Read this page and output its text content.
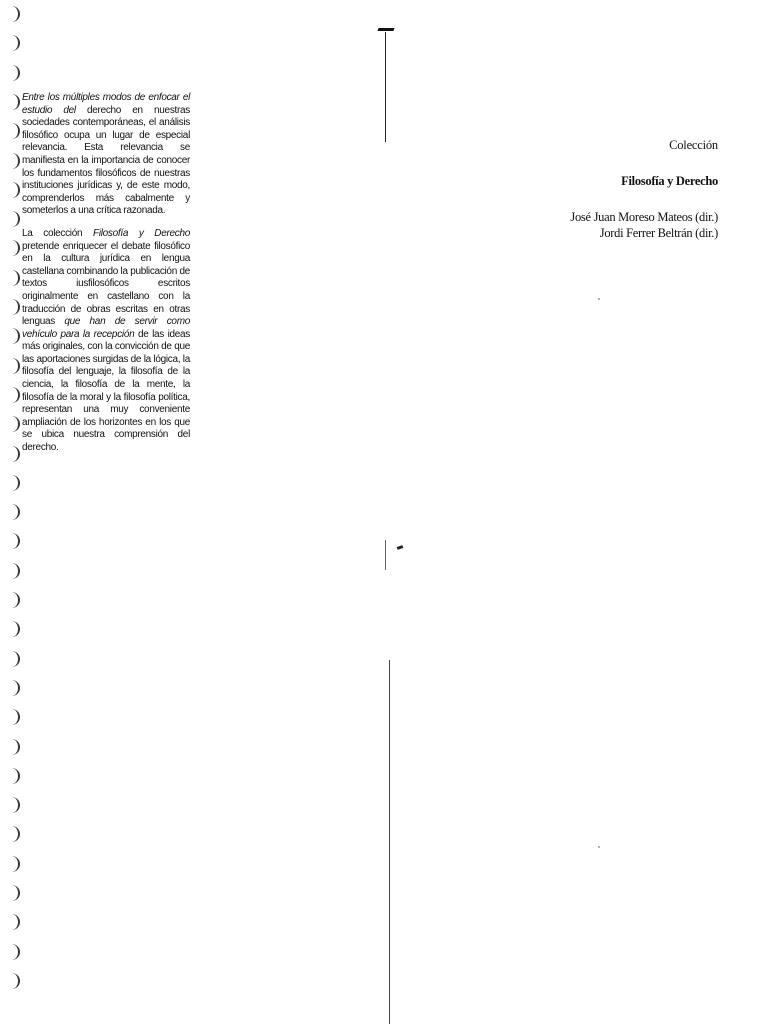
Entre los múltiples modos de enfocar el estudio del derecho en nuestras sociedades contemporáneas, el análisis filosófico ocupa un lugar de especial relevancia. Esta relevancia se manifiesta en la importancia de conocer los fundamentos filosóficos de nuestras instituciones jurídicas y, de este modo, comprenderlos más cabalmente y someterlos a una crítica razonada.

La colección Filosofía y Derecho pretende enriquecer el debate filosófico en la cultura jurídica en lengua castellana combinando la publicación de textos iusfilosóficos escritos originalmente en castellano con la traducción de obras escritas en otras lenguas que han de servir como vehículo para la recepción de las ideas más originales, con la convicción de que las aportaciones surgidas de la lógica, la filosofía del lenguaje, la filosofía de la ciencia, la filosofía de la mente, la filosofía de la moral y la filosofía política, representan una muy conveniente ampliación de los horizontes en los que se ubica nuestra comprensión del derecho.

Colección
Filosofía y Derecho
José Juan Moreso Mateos (dir.)
Jordi Ferrer Beltrán (dir.)
